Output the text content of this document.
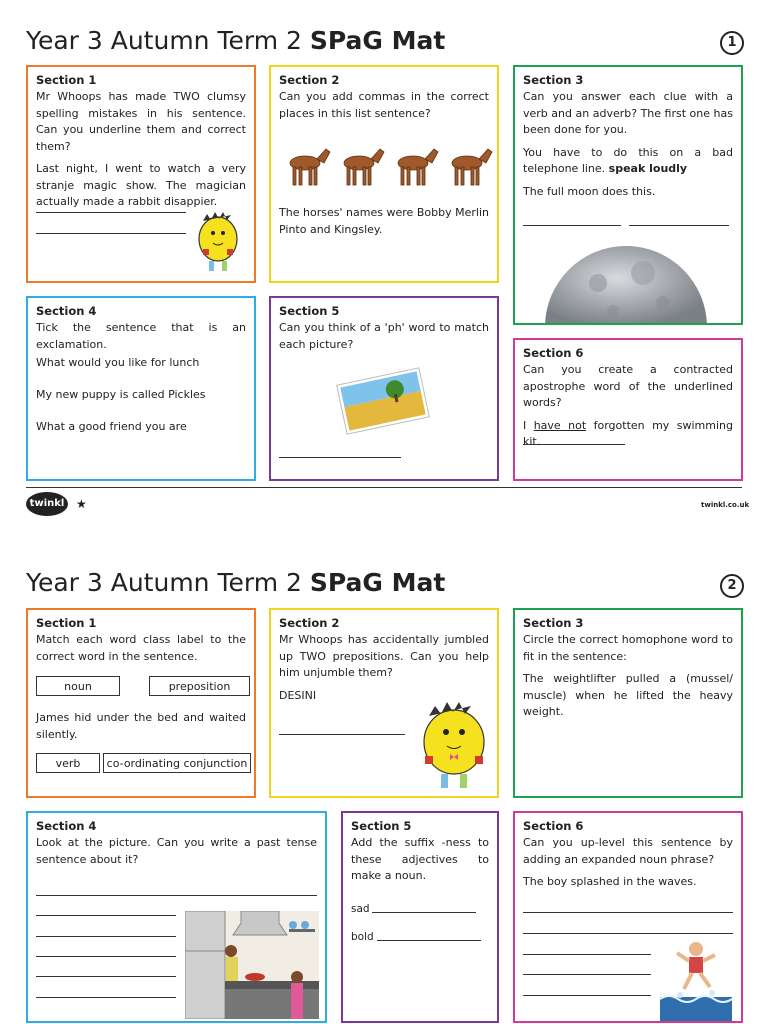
Year 3 Autumn Term 2 SPaG Mat	1
Section 1

Mr Whoops has made TWO clumsy spelling mistakes in his sentence. Can you underline them and correct them?

Last night, I went to watch a very stranje magic show. The magician actually made a rabbit disappier.

Section 2

Can you add commas in the correct places in this list sentence?

The horses' names were Bobby Merlin Pinto and Kingsley.

Section 3

Can you answer each clue with a verb and an adverb? The first one has been done for you.

You have to do this on a bad telephone line. speak loudly

The full moon does this.

Section 4

Tick the sentence that is an exclamation.

What would you like for lunch

My new puppy is called Pickles

What a good friend you are

Section 5

Can you think of a 'ph' word to match each picture?

Section 6

Can you create a contracted apostrophe word of the underlined words?

I have not forgotten my swimming kit.

twinkl ★	twinkl.co.uk
Year 3 Autumn Term 2 SPaG Mat	2
Section 1

Match each word class label to the correct word in the sentence.

noun	preposition

James hid under the bed and waited silently.

verb	co-ordinating conjunction
Section 2

Mr Whoops has accidentally jumbled up TWO prepositions. Can you help him unjumble them?

DESINI

Section 3

Circle the correct homophone word to fit in the sentence:

The weightlifter pulled a (mussel/ muscle) when he lifted the heavy weight.

Section 4

Look at the picture. Can you write a past tense sentence about it?

Section 5

Add the suffix -ness to these adjectives to make a noun.

sad

bold

Section 6

Can you up-level this sentence by adding an expanded noun phrase?

The boy splashed in the waves.
